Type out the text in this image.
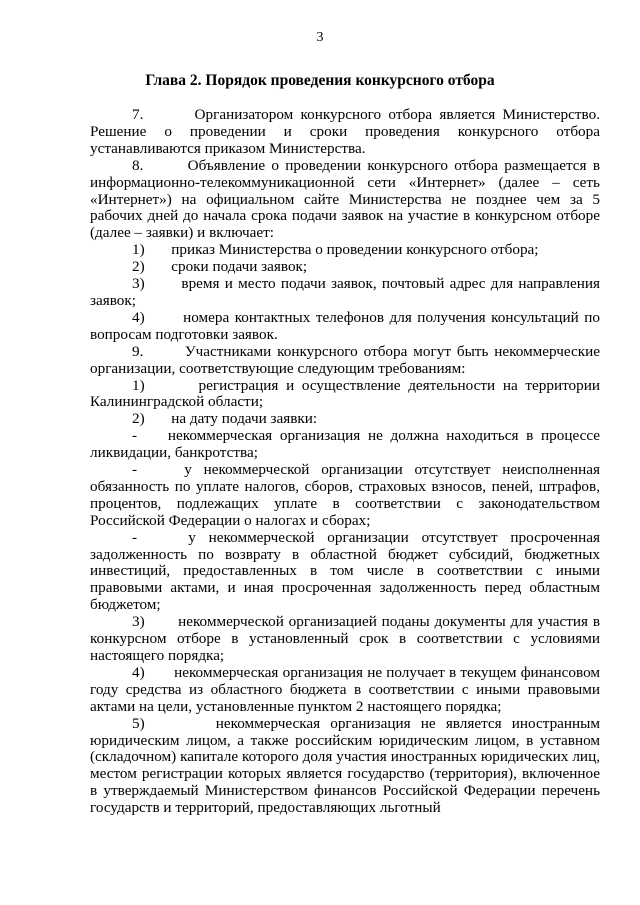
3
Глава 2. Порядок проведения конкурсного отбора

7.       Организатором конкурсного отбора является Министерство. Решение о проведении и сроки проведения конкурсного отбора устанавливаются приказом Министерства.

8.       Объявление о проведении конкурсного отбора размещается в информационно-телекоммуникационной сети «Интернет» (далее – сеть «Интернет») на официальном сайте Министерства не позднее чем за 5 рабочих дней до начала срока подачи заявок на участие в конкурсном отборе (далее – заявки) и включает:

1)       приказ Министерства о проведении конкурсного отбора;

2)       сроки подачи заявок;

3)       время и место подачи заявок, почтовый адрес для направления заявок;

4)       номера контактных телефонов для получения консультаций по вопросам подготовки заявок.

9.       Участниками конкурсного отбора могут быть некоммерческие организации, соответствующие следующим требованиям:

1)       регистрация и осуществление деятельности на территории Калининградской области;

2)       на дату подачи заявки:

-    некоммерческая организация не должна находиться в процессе ликвидации, банкротства;

-    у некоммерческой организации отсутствует неисполненная обязанность по уплате налогов, сборов, страховых взносов, пеней, штрафов, процентов, подлежащих уплате в соответствии с законодательством Российской Федерации о налогах и сборах;

-    у некоммерческой организации отсутствует просроченная задолженность по возврату в областной бюджет субсидий, бюджетных инвестиций, предоставленных в том числе в соответствии с иными правовыми актами, и иная просроченная задолженность перед областным бюджетом;

3)       некоммерческой организацией поданы документы для участия в конкурсном отборе в установленный срок в соответствии с условиями настоящего порядка;

4)       некоммерческая организация не получает в текущем финансовом году средства из областного бюджета в соответствии с иными правовыми актами на цели, установленные пунктом 2 настоящего порядка;

5)       некоммерческая организация не является иностранным юридическим лицом, а также российским юридическим лицом, в уставном (складочном) капитале которого доля участия иностранных юридических лиц, местом регистрации которых является государство (территория), включенное в утверждаемый Министерством финансов Российской Федерации перечень государств и территорий, предоставляющих льготный
